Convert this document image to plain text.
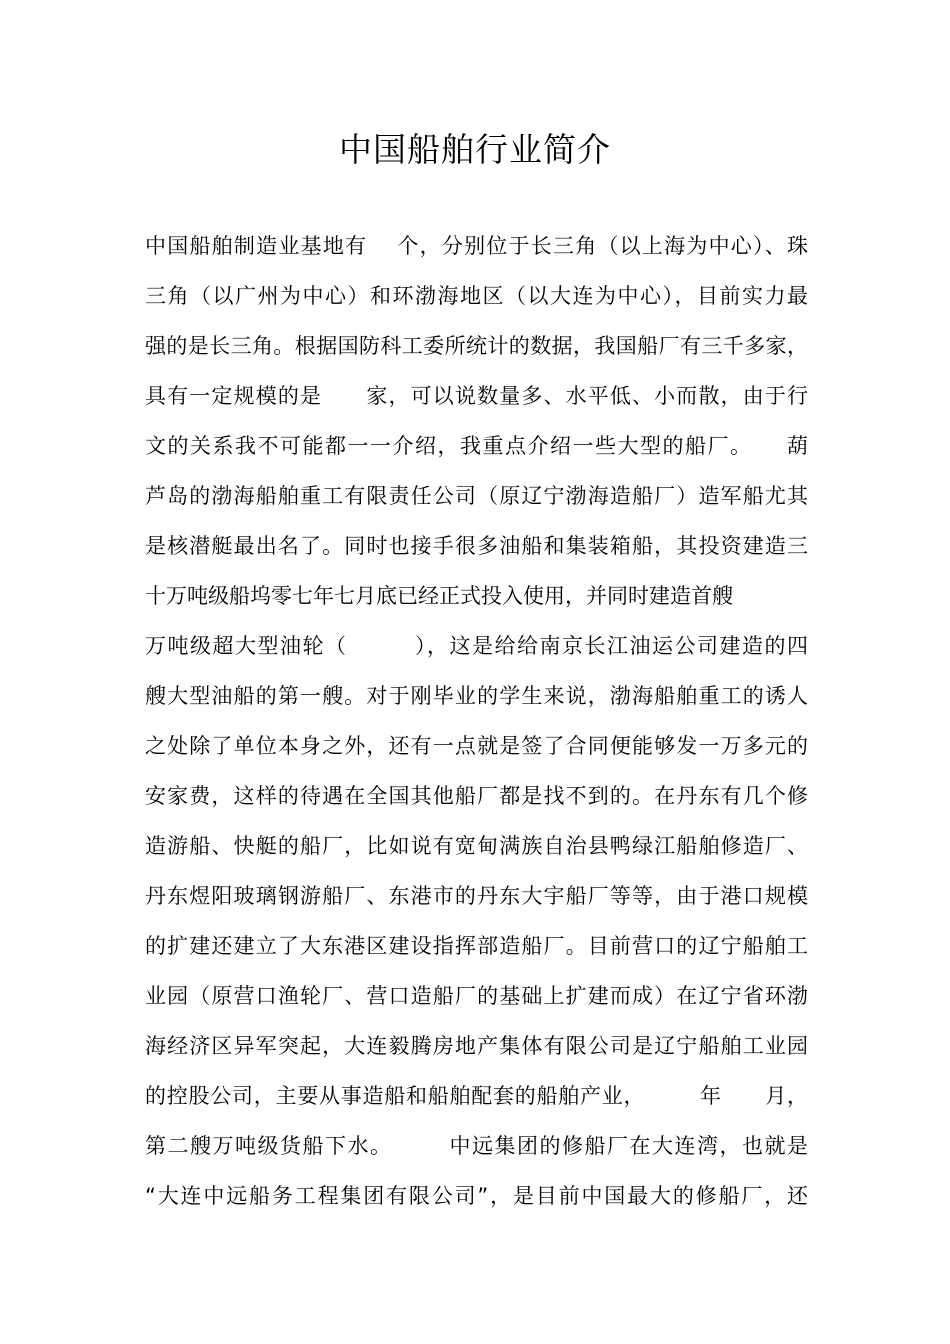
中国船舶行业简介
中国船舶制造业基地有　 个，分别位于长三角（以上海为中心）、珠
三角（以广州为中心）和环渤海地区（以大连为中心），目前实力最
强的是长三角。根据国防科工委所统计的数据，我国船厂有三千多家，
具有一定规模的是　　家，可以说数量多、水平低、小而散，由于行
文的关系我不可能都一一介绍，我重点介绍一些大型的船厂。　　葫
芦岛的渤海船舶重工有限责任公司（原辽宁渤海造船厂）造军船尤其
是核潜艇最出名了。同时也接手很多油船和集装箱船，其投资建造三
十万吨级船坞零七年七月底已经正式投入使用，并同时建造首艘
万吨级超大型油轮（　　　），这是给给南京长江油运公司建造的四
艘大型油船的第一艘。对于刚毕业的学生来说，渤海船舶重工的诱人
之处除了单位本身之外，还有一点就是签了合同便能够发一万多元的
安家费，这样的待遇在全国其他船厂都是找不到的。在丹东有几个修
造游船、快艇的船厂，比如说有宽甸满族自治县鸭绿江船舶修造厂、
丹东煜阳玻璃钢游船厂、东港市的丹东大宇船厂等等，由于港口规模
的扩建还建立了大东港区建设指挥部造船厂。目前营口的辽宁船舶工
业园（原营口渔轮厂、营口造船厂的基础上扩建而成）在辽宁省环渤
海经济区异军突起，大连毅腾房地产集体有限公司是辽宁船舶工业园
的控股公司，主要从事造船和船舶配套的船舶产业，　　　年　　月，
第二艘万吨级货船下水。　　　中远集团的修船厂在大连湾，也就是
“大连中远船务工程集团有限公司”，是目前中国最大的修船厂，还
